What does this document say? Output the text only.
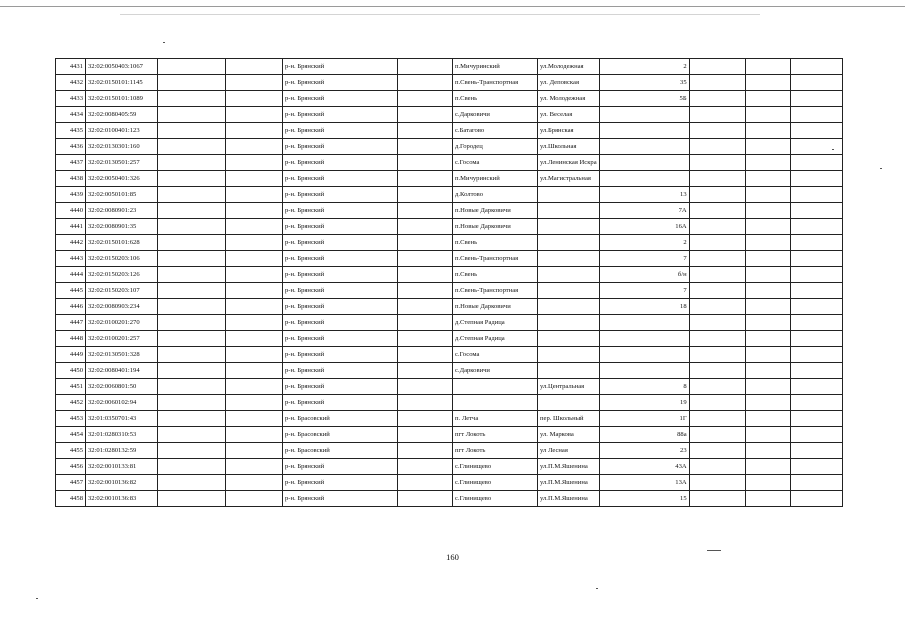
4431	32:02:0050403:1067			р-н. Брянский		п.Мичуринский	ул.Молодежная	2			
4432	32:02:0150101:1145			р-н. Брянский		п.Свень-Транспортная	ул. Деповская	35			
4433	32:02:0150101:1089			р-н. Брянский		п.Свень	ул. Молодежная	5Б			
4434	32:02:0080405:59			р-н. Брянский		с.Дарковичи	ул. Веселая				
4435	32:02:0100401:123			р-н. Брянский		с.Батагово	ул.Брянская				
4436	32:02:0130301:160			р-н. Брянский		д.Городец	ул.Школьная				
4437	32:02:0130501:257			р-н. Брянский		с.Госома	ул.Ленинская Искра				
4438	32:02:0050401:326			р-н. Брянский		п.Мичуринский	ул.Магистральная				
4439	32:02:0050101:85			р-н. Брянский		д.Колтово		13			
4440	32:02:0080901:23			р-н. Брянский		п.Новые Дарковичи		7А			
4441	32:02:0080901:35			р-н. Брянский		п.Новые Дарковичи		16А			
4442	32:02:0150101:628			р-н. Брянский		п.Свень		2			
4443	32:02:0150203:106			р-н. Брянский		п.Свень-Транспортная		7			
4444	32:02:0150203:126			р-н. Брянский		п.Свень		б/н			
4445	32:02:0150203:107			р-н. Брянский		п.Свень-Транспортная		7			
4446	32:02:0080903:234			р-н. Брянский		п.Новые Дарковичи		18			
4447	32:02:0100201:270			р-н. Брянский		д.Степная Радица					
4448	32:02:0100201:257			р-н. Брянский		д.Степная Радица					
4449	32:02:0130501:328			р-н. Брянский		с.Госома					
4450	32:02:0080401:194			р-н. Брянский		с.Дарковичи					
4451	32:02:0060801:50			р-н. Брянский			ул.Центральная	8			
4452	32:02:0060102:94			р-н. Брянский				19			
4453	32:01:0350701:43			р-н. Брасовский		п. Летча	пер. Школьный	1Г			
4454	32:01:0280310:53			р-н. Брасовский		пгт Локоть	ул. Маркова	88а			
4455	32:01:0280132:59			р-н. Брасовский		пгт Локоть	ул Лесная	23			
4456	32:02:0010133:81			р-н. Брянский		с.Глинищево	ул.П.М.Яшенина	43А			
4457	32:02:0010136:82			р-н. Брянский		с.Глинищево	ул.П.М.Яшенина	13А			
4458	32:02:0010136:83			р-н. Брянский		с.Глинищево	ул.П.М.Яшенина	15			
160
